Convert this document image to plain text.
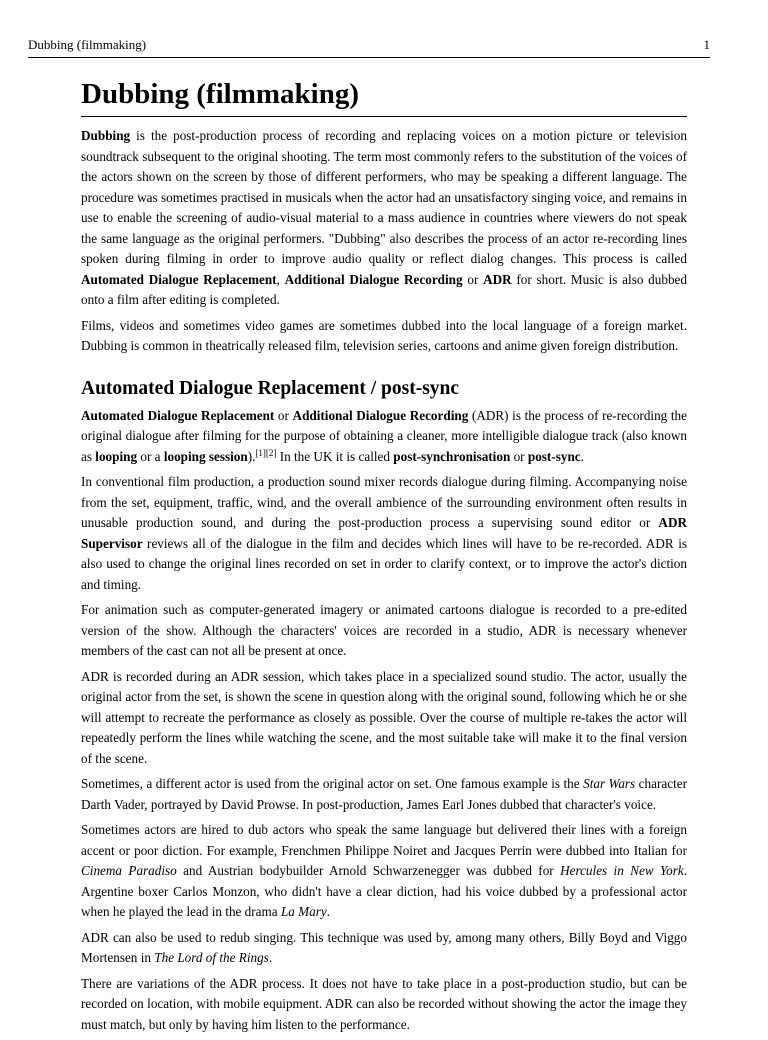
Dubbing (filmmaking)	1
Dubbing (filmmaking)

Dubbing is the post-production process of recording and replacing voices on a motion picture or television soundtrack subsequent to the original shooting. The term most commonly refers to the substitution of the voices of the actors shown on the screen by those of different performers, who may be speaking a different language. The procedure was sometimes practised in musicals when the actor had an unsatisfactory singing voice, and remains in use to enable the screening of audio-visual material to a mass audience in countries where viewers do not speak the same language as the original performers. "Dubbing" also describes the process of an actor re-recording lines spoken during filming in order to improve audio quality or reflect dialog changes. This process is called Automated Dialogue Replacement, Additional Dialogue Recording or ADR for short. Music is also dubbed onto a film after editing is completed.

Films, videos and sometimes video games are sometimes dubbed into the local language of a foreign market. Dubbing is common in theatrically released film, television series, cartoons and anime given foreign distribution.

Automated Dialogue Replacement / post-sync

Automated Dialogue Replacement or Additional Dialogue Recording (ADR) is the process of re-recording the original dialogue after filming for the purpose of obtaining a cleaner, more intelligible dialogue track (also known as looping or a looping session).[1][2] In the UK it is called post-synchronisation or post-sync.

In conventional film production, a production sound mixer records dialogue during filming. Accompanying noise from the set, equipment, traffic, wind, and the overall ambience of the surrounding environment often results in unusable production sound, and during the post-production process a supervising sound editor or ADR Supervisor reviews all of the dialogue in the film and decides which lines will have to be re-recorded. ADR is also used to change the original lines recorded on set in order to clarify context, or to improve the actor's diction and timing.

For animation such as computer-generated imagery or animated cartoons dialogue is recorded to a pre-edited version of the show. Although the characters' voices are recorded in a studio, ADR is necessary whenever members of the cast can not all be present at once.

ADR is recorded during an ADR session, which takes place in a specialized sound studio. The actor, usually the original actor from the set, is shown the scene in question along with the original sound, following which he or she will attempt to recreate the performance as closely as possible. Over the course of multiple re-takes the actor will repeatedly perform the lines while watching the scene, and the most suitable take will make it to the final version of the scene.

Sometimes, a different actor is used from the original actor on set. One famous example is the Star Wars character Darth Vader, portrayed by David Prowse. In post-production, James Earl Jones dubbed that character's voice.

Sometimes actors are hired to dub actors who speak the same language but delivered their lines with a foreign accent or poor diction. For example, Frenchmen Philippe Noiret and Jacques Perrin were dubbed into Italian for Cinema Paradiso and Austrian bodybuilder Arnold Schwarzenegger was dubbed for Hercules in New York. Argentine boxer Carlos Monzon, who didn't have a clear diction, had his voice dubbed by a professional actor when he played the lead in the drama La Mary.

ADR can also be used to redub singing. This technique was used by, among many others, Billy Boyd and Viggo Mortensen in The Lord of the Rings.

There are variations of the ADR process. It does not have to take place in a post-production studio, but can be recorded on location, with mobile equipment. ADR can also be recorded without showing the actor the image they must match, but only by having him listen to the performance.
